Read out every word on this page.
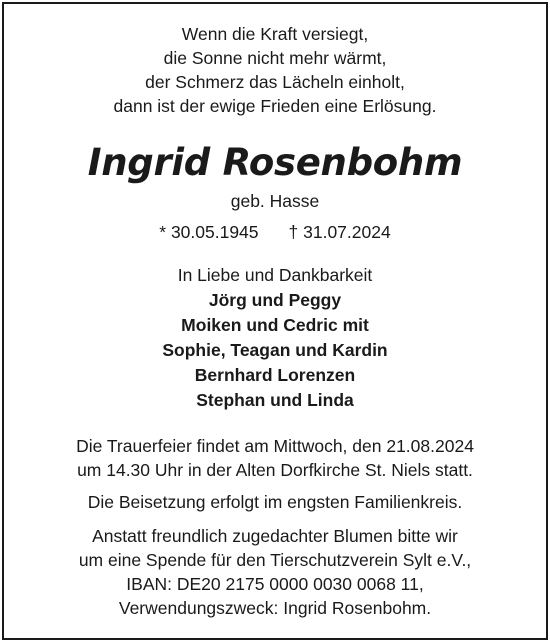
Wenn die Kraft versiegt,
die Sonne nicht mehr wärmt,
der Schmerz das Lächeln einholt,
dann ist der ewige Frieden eine Erlösung.
Ingrid Rosenbohm
geb. Hasse
* 30.05.1945 † 31.07.2024
In Liebe und Dankbarkeit
Jörg und Peggy
Moiken und Cedric mit
Sophie, Teagan und Kardin
Bernhard Lorenzen
Stephan und Linda
Die Trauerfeier findet am Mittwoch, den 21.08.2024
um 14.30 Uhr in der Alten Dorfkirche St. Niels statt.
Die Beisetzung erfolgt im engsten Familienkreis.
Anstatt freundlich zugedachter Blumen bitte wir
um eine Spende für den Tierschutzverein Sylt e.V.,
IBAN: DE20 2175 0000 0030 0068 11,
Verwendungszweck: Ingrid Rosenbohm.
